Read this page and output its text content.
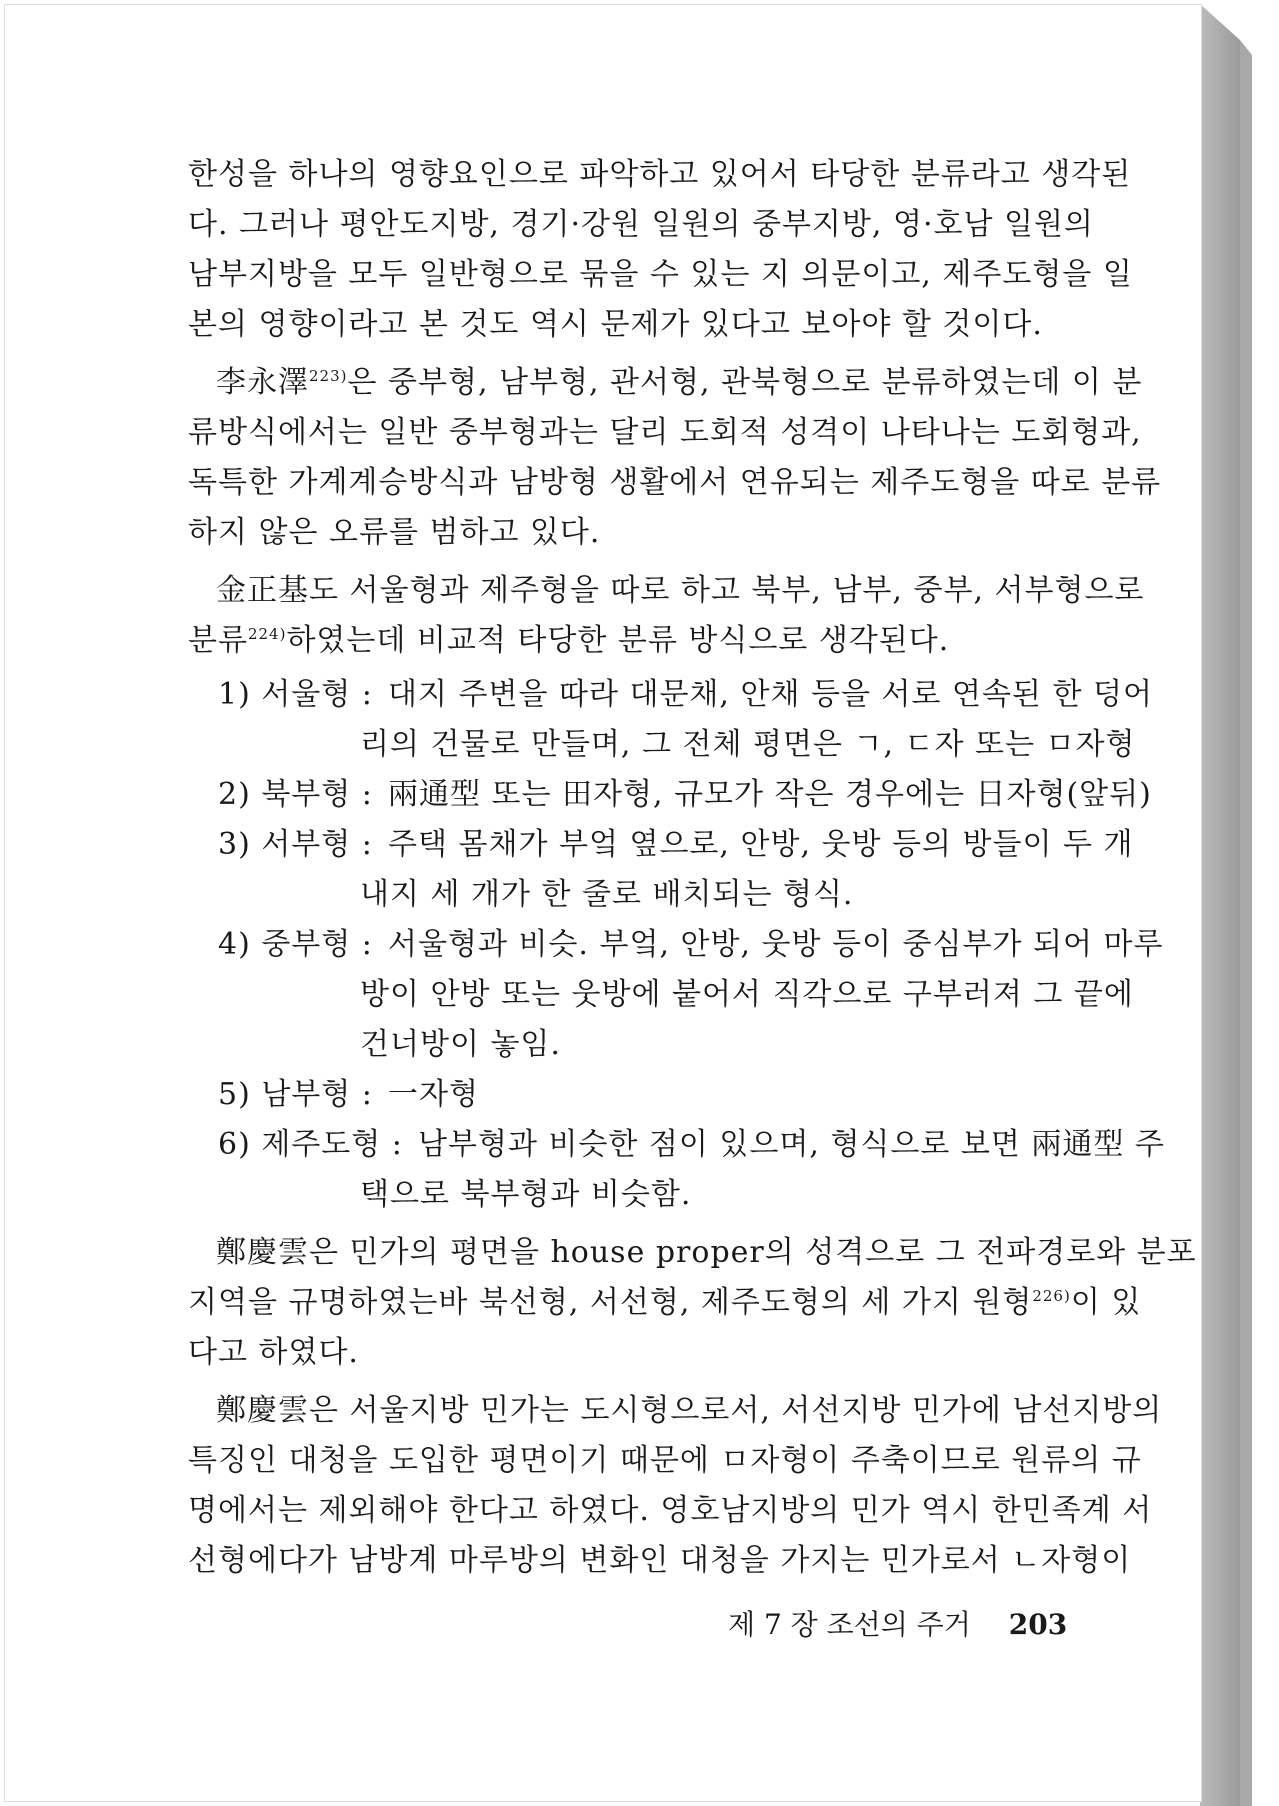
한성을 하나의 영향요인으로 파악하고 있어서 타당한 분류라고 생각된
다. 그러나 평안도지방, 경기·강원 일원의 중부지방, 영·호남 일원의
남부지방을 모두 일반형으로 묶을 수 있는 지 의문이고, 제주도형을 일
본의 영향이라고 본 것도 역시 문제가 있다고 보아야 할 것이다.
李永澤$^{223)}$은 중부형, 남부형, 관서형, 관북형으로 분류하였는데 이 분
류방식에서는 일반 중부형과는 달리 도회적 성격이 나타나는 도회형과,
독특한 가계계승방식과 남방형 생활에서 연유되는 제주도형을 따로 분류
하지 않은 오류를 범하고 있다.
金正基도 서울형과 제주형을 따로 하고 북부, 남부, 중부, 서부형으로
분류$^{224)}$하였는데 비교적 타당한 분류 방식으로 생각된다.
1) 서울형 : 대지 주변을 따라 대문채, 안채 등을 서로 연속된 한 덩어
리의 건물로 만들며, 그 전체 평면은 ㄱ, ㄷ자 또는 ㅁ자형
2) 북부형 : 兩通型 또는 田자형, 규모가 작은 경우에는 日자형(앞뒤)
3) 서부형 : 주택 몸채가 부엌 옆으로, 안방, 웃방 등의 방들이 두 개
내지 세 개가 한 줄로 배치되는 형식.
4) 중부형 : 서울형과 비슷. 부엌, 안방, 웃방 등이 중심부가 되어 마루
방이 안방 또는 웃방에 붙어서 직각으로 구부러져 그 끝에
건너방이 놓임.
5) 남부형 : 一자형
6) 제주도형 : 남부형과 비슷한 점이 있으며, 형식으로 보면 兩通型 주
택으로 북부형과 비슷함.
鄭慶雲은 민가의 평면을 house proper의 성격으로 그 전파경로와 분포
지역을 규명하였는바 북선형, 서선형, 제주도형의 세 가지 원형$^{226)}$이 있
다고 하였다.
鄭慶雲은 서울지방 민가는 도시형으로서, 서선지방 민가에 남선지방의
특징인 대청을 도입한 평면이기 때문에 ㅁ자형이 주축이므로 원류의 규
명에서는 제외해야 한다고 하였다. 영호남지방의 민가 역시 한민족계 서
선형에다가 남방계 마루방의 변화인 대청을 가지는 민가로서 ㄴ자형이
제 7 장 조선의 주거 203
